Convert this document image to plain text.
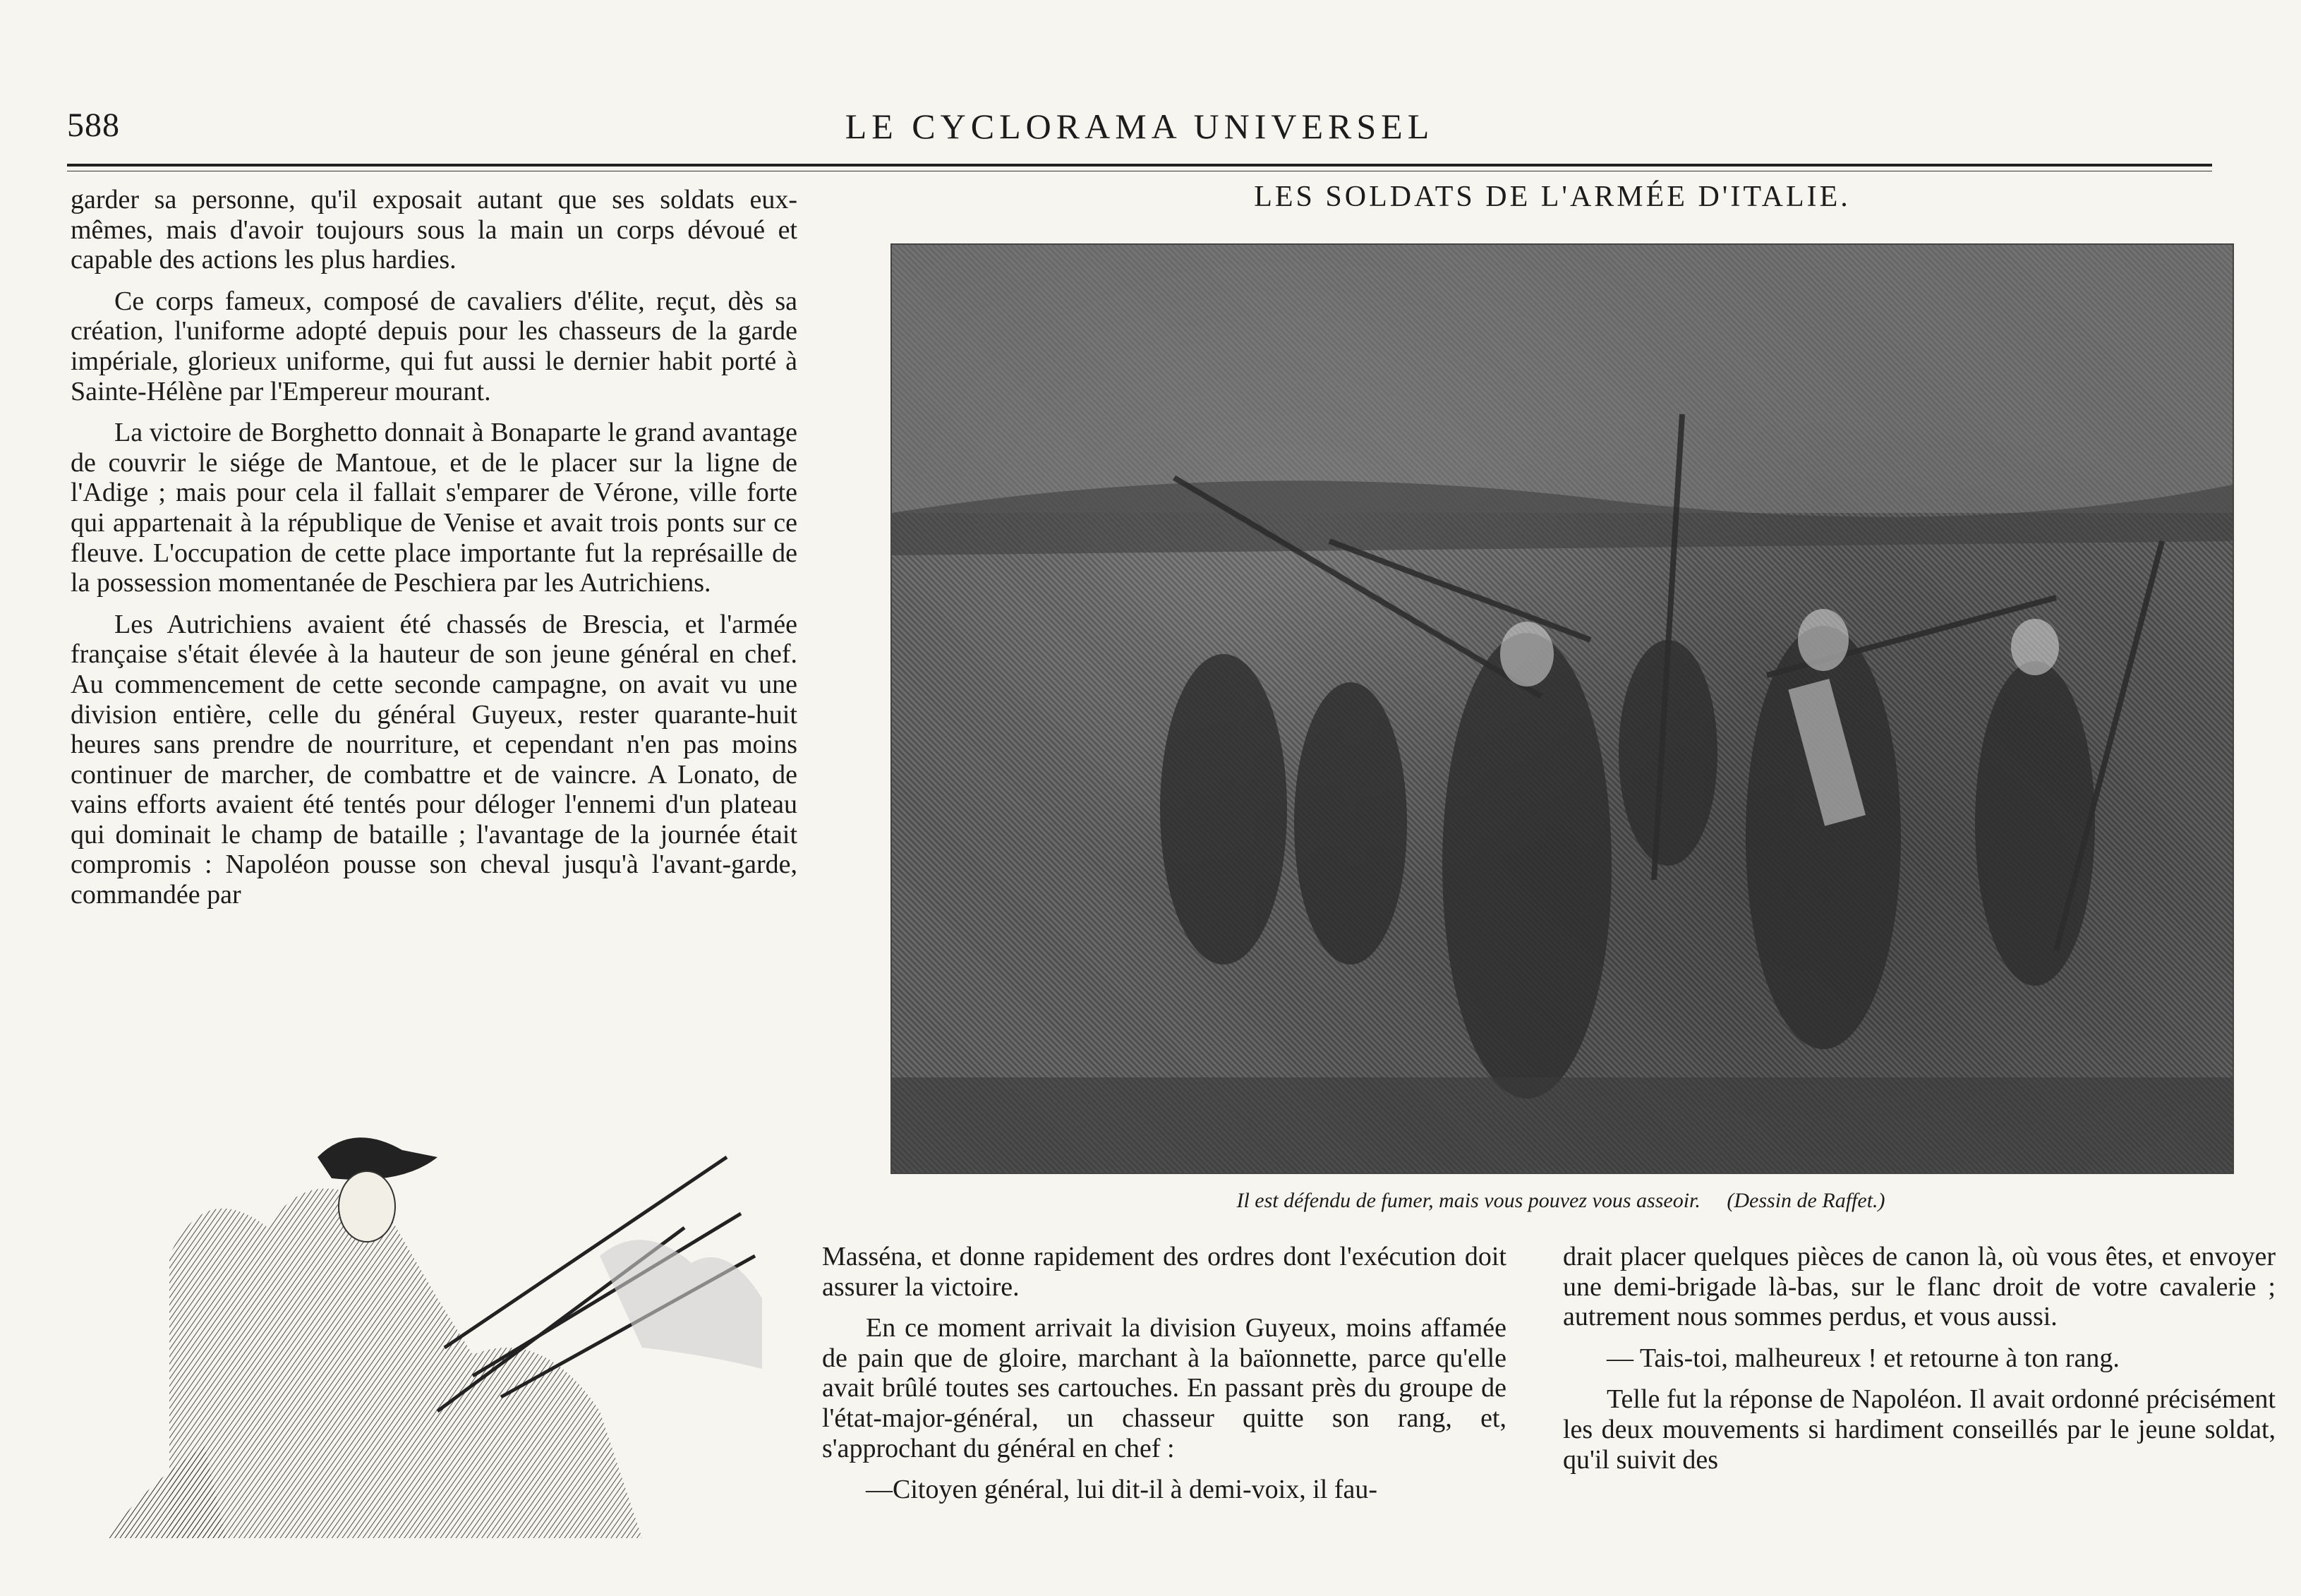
588	LE CYCLORAMA UNIVERSEL

garder sa personne, qu'il exposait autant que ses soldats eux-mêmes, mais d'avoir toujours sous la main un corps dévoué et capable des actions les plus hardies.

Ce corps fameux, composé de cavaliers d'élite, reçut, dès sa création, l'uniforme adopté depuis pour les chasseurs de la garde impériale, glorieux uniforme, qui fut aussi le dernier habit porté à Sainte-Hélène par l'Empereur mourant.

La victoire de Borghetto donnait à Bonaparte le grand avantage de couvrir le siége de Mantoue, et de le placer sur la ligne de l'Adige ; mais pour cela il fallait s'emparer de Vérone, ville forte qui appartenait à la république de Venise et avait trois ponts sur ce fleuve. L'occupation de cette place importante fut la représaille de la possession momentanée de Peschiera par les Autrichiens.

Les Autrichiens avaient été chassés de Brescia, et l'armée française s'était élevée à la hauteur de son jeune général en chef. Au commencement de cette seconde campagne, on avait vu une division entière, celle du général Guyeux, rester quarante-huit heures sans prendre de nourriture, et cependant n'en pas moins continuer de marcher, de combattre et de vaincre. A Lonato, de vains efforts avaient été tentés pour déloger l'ennemi d'un plateau qui dominait le champ de bataille ; l'avantage de la journée était compromis : Napoléon pousse son cheval jusqu'à l'avant-garde, commandée par

LES SOLDATS DE L'ARMÉE D'ITALIE.
Il est défendu de fumer, mais vous pouvez vous asseoir. (Dessin de Raffet.)

Masséna, et donne rapidement des ordres dont l'exécution doit assurer la victoire.

En ce moment arrivait la division Guyeux, moins affamée de pain que de gloire, marchant à la baïonnette, parce qu'elle avait brûlé toutes ses cartouches. En passant près du groupe de l'état-major-général, un chasseur quitte son rang, et, s'approchant du général en chef :

—Citoyen général, lui dit-il à demi-voix, il fau-

drait placer quelques pièces de canon là, où vous êtes, et envoyer une demi-brigade là-bas, sur le flanc droit de votre cavalerie ; autrement nous sommes perdus, et vous aussi.

— Tais-toi, malheureux ! et retourne à ton rang.

Telle fut la réponse de Napoléon. Il avait ordonné précisément les deux mouvements si hardiment conseillés par le jeune soldat, qu'il suivit des
